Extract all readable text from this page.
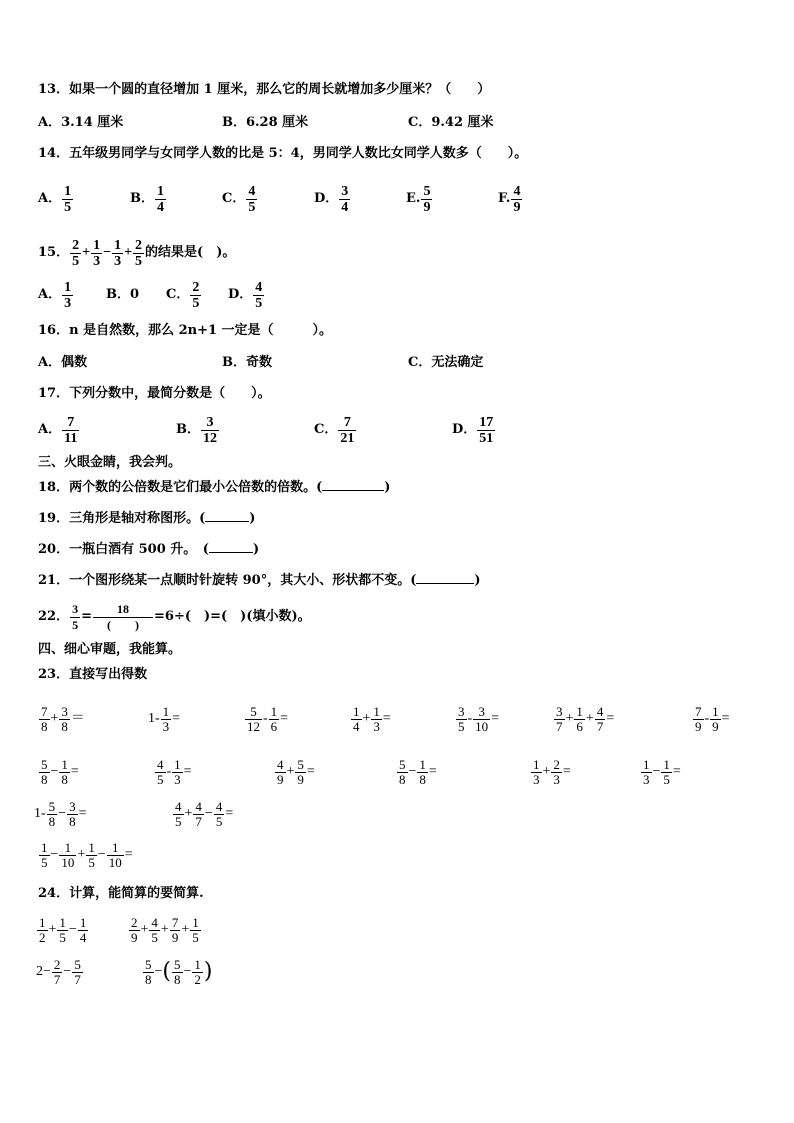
13．如果一个圆的直径增加 1 厘米，那么它的周长就增加多少厘米？（　　）
A．3.14 厘米	B．6.28 厘米	C．9.42 厘米
14．五年级男同学与女同学人数的比是 5：4，男同学人数比女同学人数多（　　）。
A． $\frac{1}{5}$	B． $\frac{1}{4}$	C． $\frac{4}{5}$	D． $\frac{3}{4}$	E. $\frac{5}{9}$	F. $\frac{4}{9}$
15． $\frac{2}{5} + \frac{1}{3} - \frac{1}{3} + \frac{2}{5}$ 的结果是(　)。
A． $\frac{1}{3}$	B．0 C． $\frac{2}{5}$ D． $\frac{4}{5}$
16．n 是自然数，那么 2n+1 一定是（　　　）。
A．偶数	B．奇数	C．无法确定
17．下列分数中，最简分数是（　　）。
A． $\frac{7}{11}$	B． $\frac{3}{12}$	C． $\frac{7}{21}$	D． $\frac{17}{51}$
三、火眼金睛，我会判。
18．两个数的公倍数是它们最小公倍数的倍数。(	)
19．三角形是轴对称图形。(	)
20．一瓶白酒有 500 升。　(	)
21．一个图形绕某一点顺时针旋转 90°，其大小、形状都不变。(	)
22． $\frac{3}{5} = \frac{18}{( )} =6\div$(　)=(　)(填小数)。
四、细心审题，我能算。
23．直接写出得数
$\frac{7}{8} + \frac{3}{8}$ ＝	$1- \frac{1}{3}$ =	$\frac{5}{12} - \frac{1}{6}$ =	$\frac{1}{4} + \frac{1}{3}$ =	$\frac{3}{5} - \frac{3}{10}$ =	$\frac{3}{7} + \frac{1}{6} + \frac{4}{7}$ =	$\frac{7}{9} - \frac{1}{9}$ =
$\frac{5}{8} - \frac{1}{8}$ =	$\frac{4}{5} - \frac{1}{3}$ =	$\frac{4}{9} + \frac{5}{9}$ =	$\frac{5}{8} - \frac{1}{8}$ =	$\frac{1}{3} + \frac{2}{3}$ =	$\frac{1}{3} - \frac{1}{5}$ =
$1- \frac{5}{8} - \frac{3}{8}$ =	$\frac{4}{5} + \frac{4}{7} - \frac{4}{5}$ =
$\frac{1}{5} - \frac{1}{10} + \frac{1}{5} - \frac{1}{10}$ =
24．计算，能简算的要简算.
$\frac{1}{2} + \frac{1}{5} - \frac{1}{4}$	$\frac{2}{9} + \frac{4}{5} + \frac{7}{9} + \frac{1}{5}$
$2- \frac{2}{7} - \frac{5}{7}$	$\frac{5}{8}$ −( $\frac{5}{8} - \frac{1}{2}$ )
